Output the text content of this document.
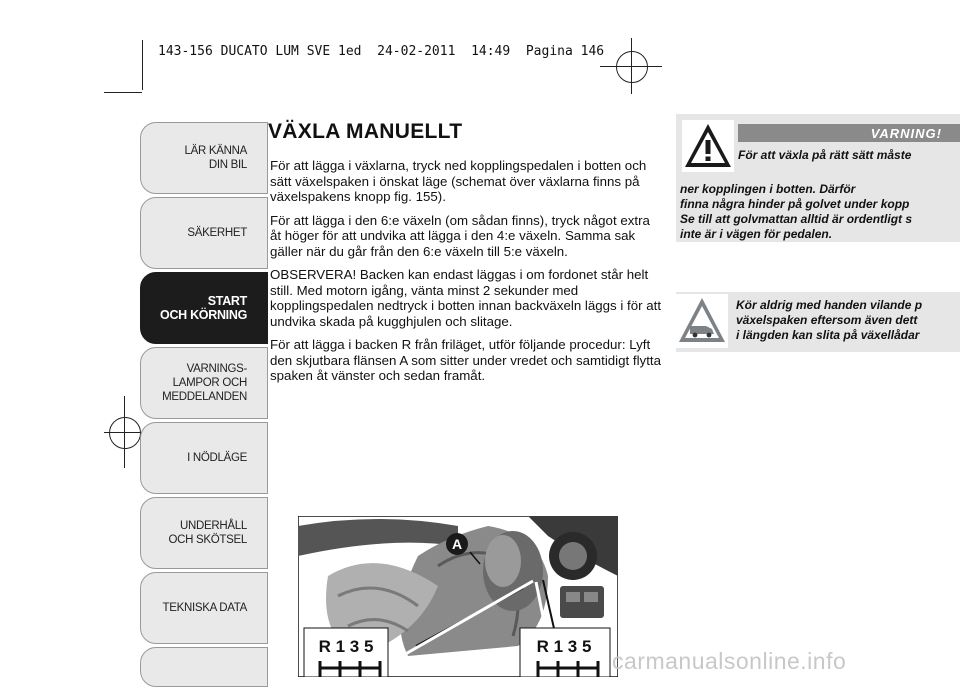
143-156 DUCATO LUM SVE 1ed  24-02-2011  14:49  Pagina 146

LÄR KÄNNA
DIN BIL
SÄKERHET
START
OCH KÖRNING
VARNINGS-
LAMPOR OCH
MEDDELANDEN
I NÖDLÄGE
UNDERHÅLL
OCH SKÖTSEL
TEKNISKA DATA
VÄXLA MANUELLT

För att lägga i växlarna, tryck ned kopplingspedalen i botten och sätt växelspaken i önskat läge (schemat över växlarna finns på växelspakens knopp fig. 155).

För att lägga i den 6:e växeln (om sådan finns), tryck något extra åt höger för att undvika att lägga i den 4:e växeln. Samma sak gäller när du går från den 6:e växeln till 5:e växeln.

OBSERVERA! Backen kan endast läggas i om fordonet står helt still. Med motorn igång, vänta minst 2 sekunder med kopplingspedalen nedtryck i botten innan backväxeln läggs i för att undvika skada på kugghjulen och slitage.

För att lägga i backen R från friläget, utför följande procedur: Lyft den skjutbara flänsen A som sitter under vredet och samtidigt flytta spaken åt vänster och sedan framåt.

VARNING!

För att växla på rätt sätt måste

ner kopplingen i botten. Därför
finna några hinder på golvet under kopp
Se till att golvmattan alltid är ordentligt s
inte är i vägen för pedalen.

Kör aldrig med handen vilande p
växelspaken eftersom även dett
i längden kan slita på växellådar

A
R 1 3 5	R 1 3 5

carmanualsonline.info
